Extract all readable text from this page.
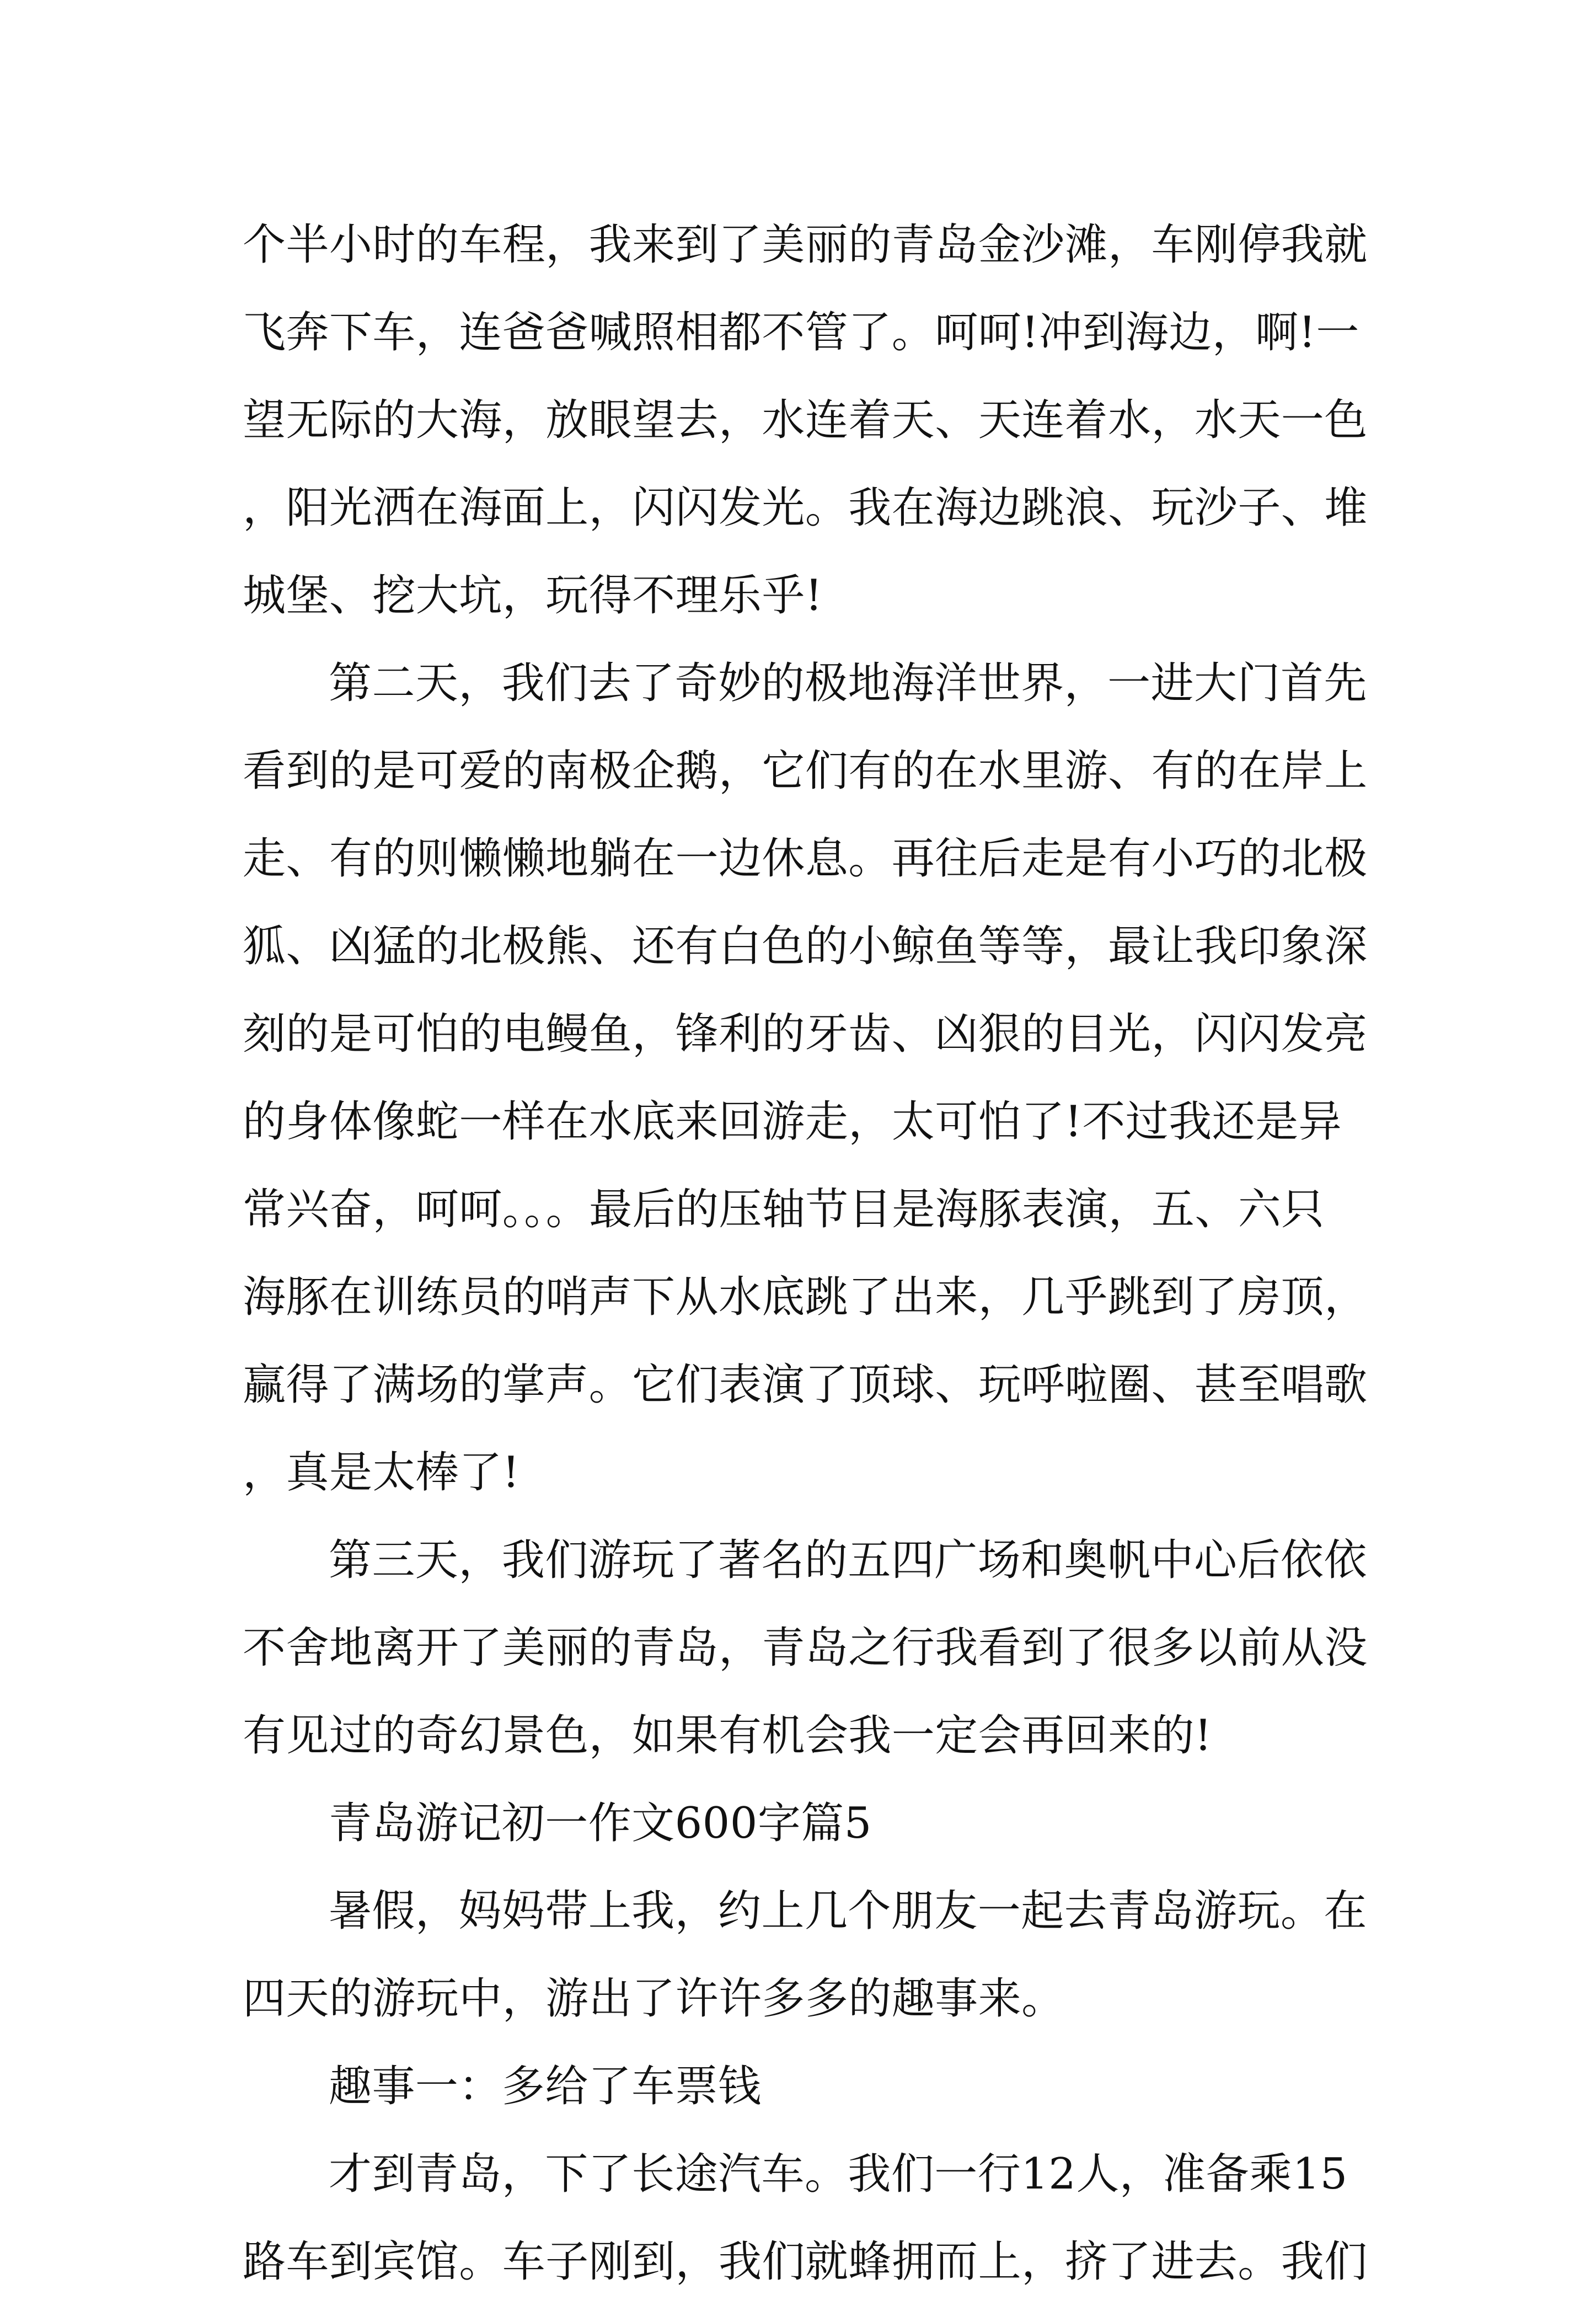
个半小时的车程，我来到了美丽的青岛金沙滩，车刚停我就飞奔下车，连爸爸喊照相都不管了。呵呵!冲到海边，啊!一望无际的大海，放眼望去，水连着天、天连着水，水天一色，阳光洒在海面上，闪闪发光。我在海边跳浪、玩沙子、堆城堡、挖大坑，玩得不理乐乎!

第二天，我们去了奇妙的极地海洋世界，一进大门首先看到的是可爱的南极企鹅，它们有的在水里游、有的在岸上走、有的则懒懒地躺在一边休息。再往后走是有小巧的北极狐、凶猛的北极熊、还有白色的小鲸鱼等等，最让我印象深刻的是可怕的电鳗鱼，锋利的牙齿、凶狠的目光，闪闪发亮的身体像蛇一样在水底来回游走，太可怕了!不过我还是异常兴奋，呵呵。。。最后的压轴节目是海豚表演，五、六只海豚在训练员的哨声下从水底跳了出来，几乎跳到了房顶，赢得了满场的掌声。它们表演了顶球、玩呼啦圈、甚至唱歌，真是太棒了!

第三天，我们游玩了著名的五四广场和奥帆中心后依依不舍地离开了美丽的青岛，青岛之行我看到了很多以前从没有见过的奇幻景色，如果有机会我一定会再回来的!

青岛游记初一作文600字篇5

暑假，妈妈带上我，约上几个朋友一起去青岛游玩。在四天的游玩中，游出了许许多多的趣事来。

趣事一：多给了车票钱

才到青岛，下了长途汽车。我们一行12人，准备乘15路车到宾馆。车子刚到，我们就蜂拥而上，挤了进去。我们
